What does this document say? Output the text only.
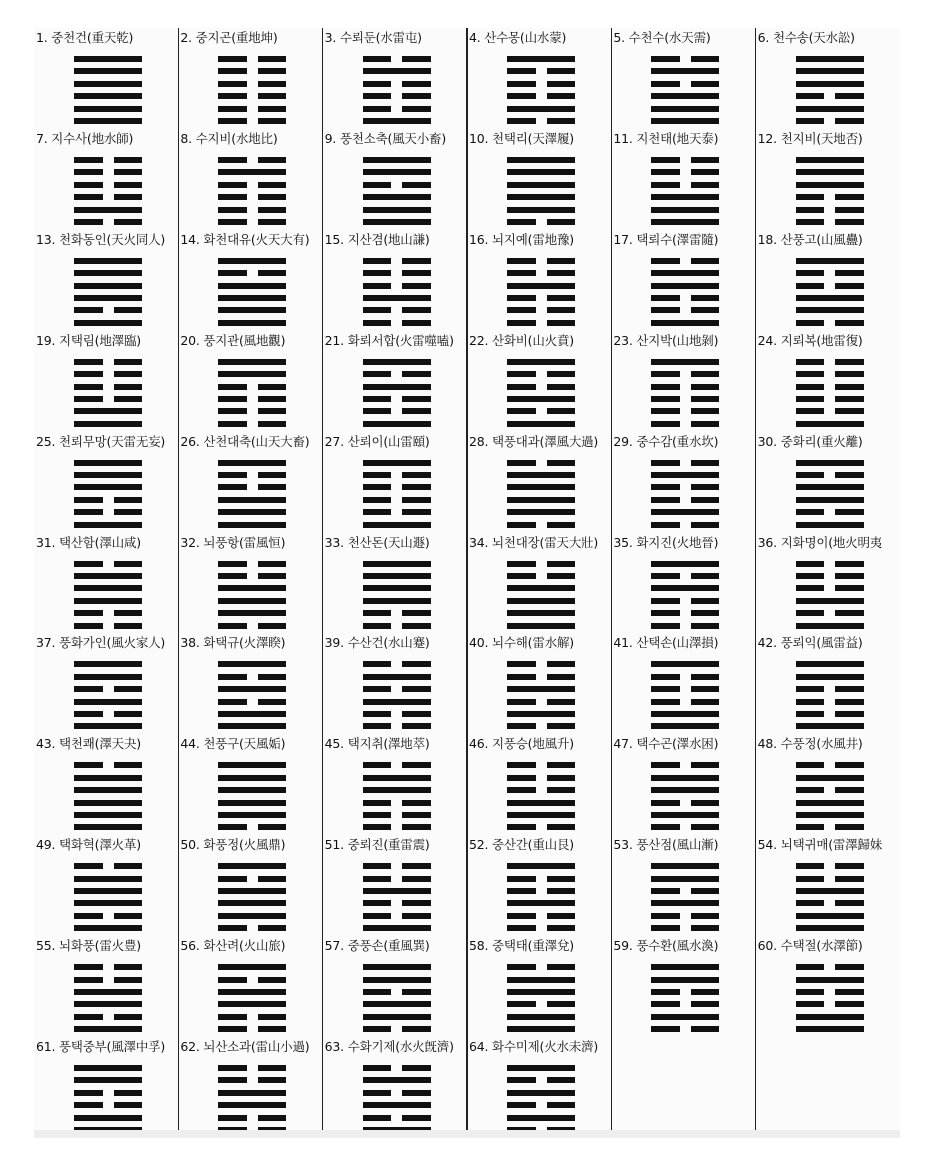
1. 중천건(重天乾)	2. 중지곤(重地坤)	3. 수뢰둔(水雷屯)	4. 산수몽(山水蒙)	5. 수천수(水天需)	6. 천수송(天水訟)
7. 지수사(地水師)	8. 수지비(水地比)	9. 풍천소축(風天小畜) 10. 천택리(天澤履)	11. 지천태(地天泰)	12. 천지비(天地否)
13. 천화동인(天火同人) 14. 화천대유(火天大有) 15. 지산겸(地山謙)	16. 뇌지예(雷地豫)	17. 택뢰수(澤雷隨)	18. 산풍고(山風蠱)
19. 지택림(地澤臨)	20. 풍지관(風地觀)	21. 화뢰서합(火雷噬嗑) 22. 산화비(山火賁)	23. 산지박(山地剝)	24. 지뢰복(地雷復)
25. 천뢰무망(天雷无妄) 26. 산천대축(山天大畜) 27. 산뢰이(山雷頤)	28. 택풍대과(澤風大過) 29. 중수감(重水坎)	30. 중화리(重火離)
31. 택산함(澤山咸)	32. 뇌풍항(雷風恒)	33. 천산돈(天山遯)	34. 뇌천대장(雷天大壯) 35. 화지진(火地晉)	36. 지화명이(地火明夷
37. 풍화가인(風火家人) 38. 화택규(火澤睽)	39. 수산건(水山蹇)	40. 뇌수해(雷水解)	41. 산택손(山澤損)	42. 풍뢰익(風雷益)
43. 택천쾌(澤天夬)	44. 천풍구(天風姤)	45. 택지취(澤地萃)	46. 지풍승(地風升)	47. 택수곤(澤水困)	48. 수풍정(水風井)
49. 택화혁(澤火革)	50. 화풍정(火風鼎)	51. 중뢰진(重雷震)	52. 중산간(重山艮)	53. 풍산점(風山漸)	54. 뇌택귀매(雷澤歸妹
55. 뇌화풍(雷火豊)	56. 화산려(火山旅)	57. 중풍손(重風巽)	58. 중택태(重澤兌)	59. 풍수환(風水渙)	60. 수택절(水澤節)
61. 풍택중부(風澤中孚) 62. 뇌산소과(雷山小過) 63. 수화기제(水火旣濟) 64. 화수미제(火水未濟)
